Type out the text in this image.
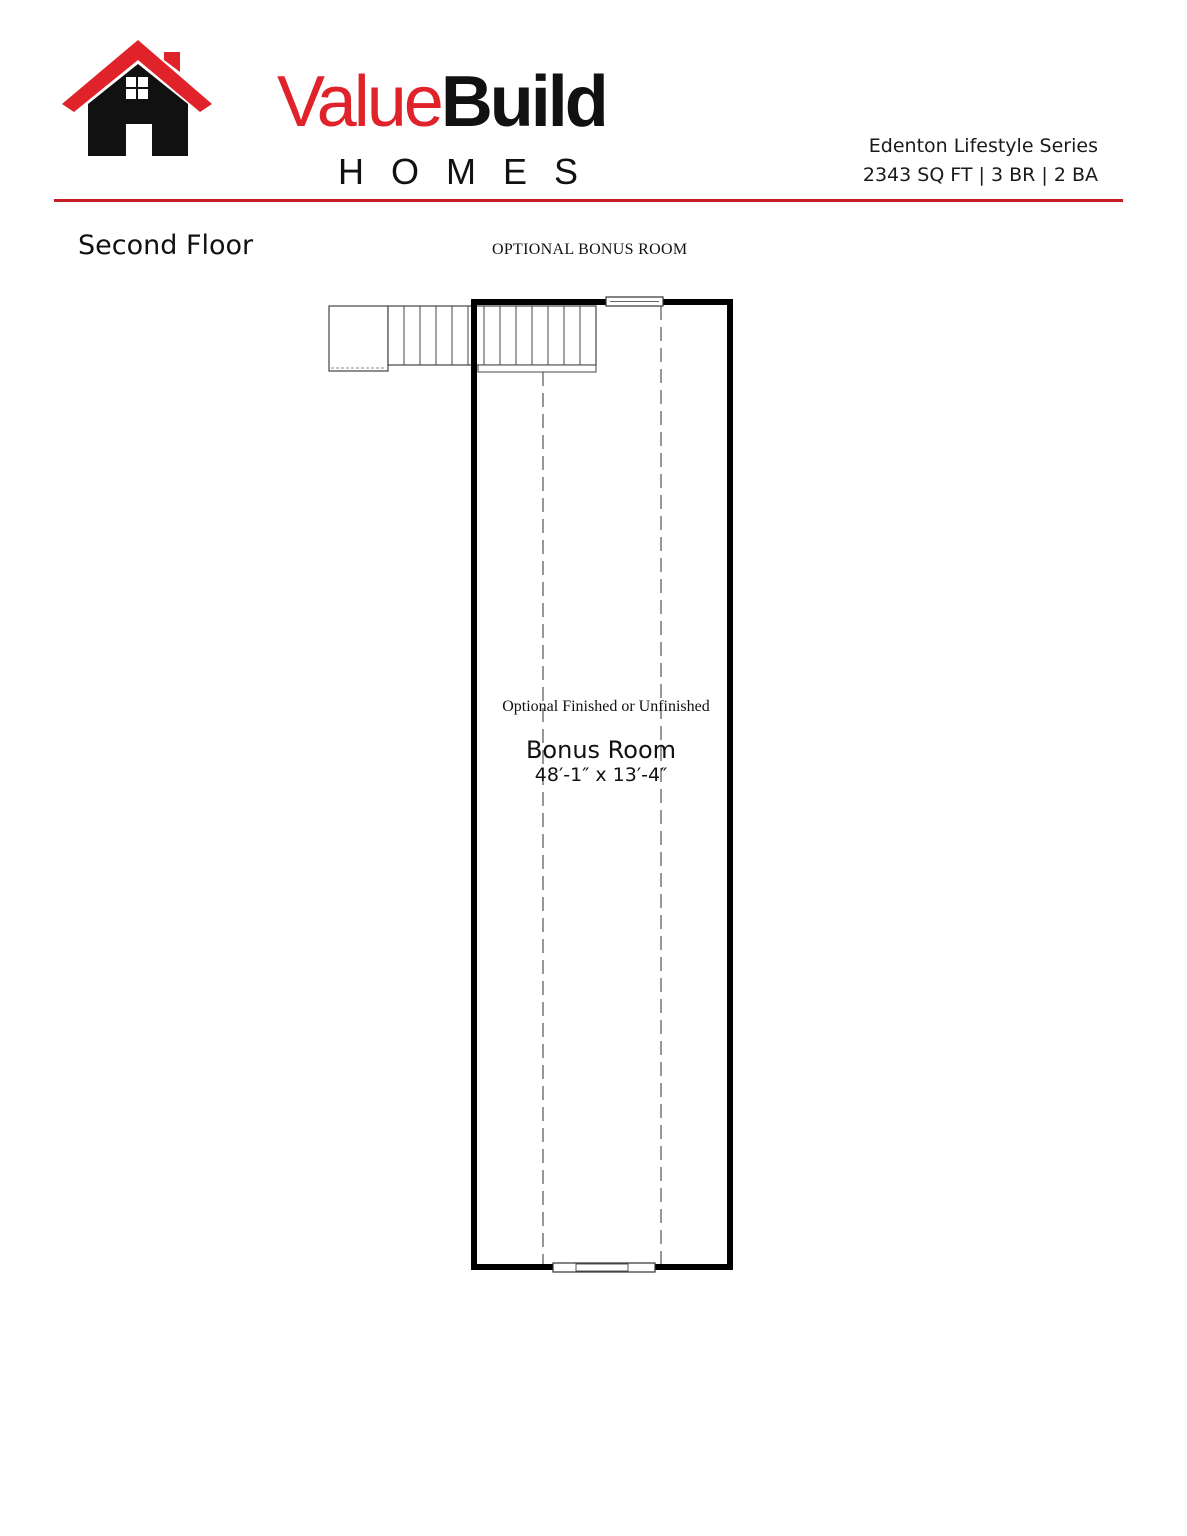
ValueBuild
HOMES
Edenton Lifestyle Series
2343 SQ FT | 3 BR | 2 BA
Second Floor	OPTIONAL BONUS ROOM
Optional Finished or Unfinished
Bonus Room
48′-1″ x 13′-4″
